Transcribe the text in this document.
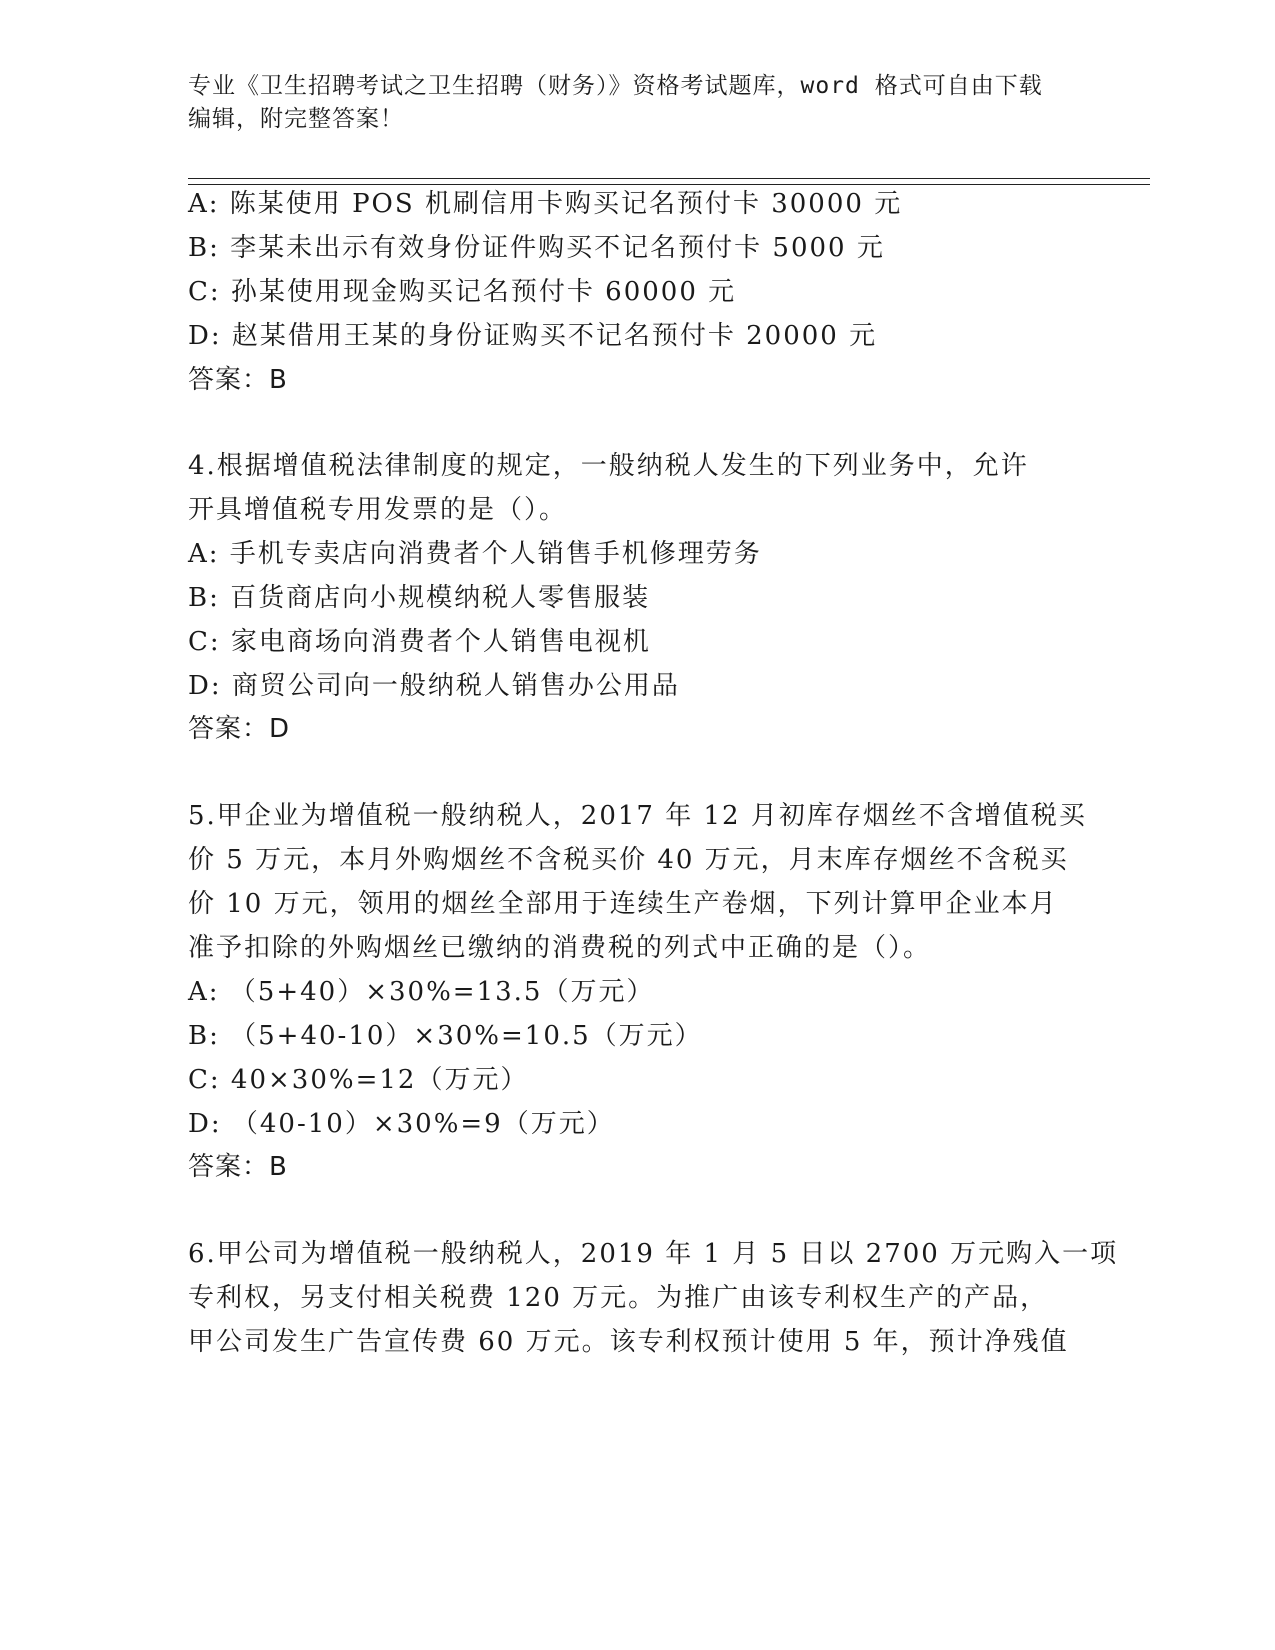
专业《卫生招聘考试之卫生招聘（财务）》资格考试题库，word 格式可自由下载

编辑，附完整答案！

A: 陈某使用 POS 机刷信用卡购买记名预付卡 30000 元
B: 李某未出示有效身份证件购买不记名预付卡 5000 元
C: 孙某使用现金购买记名预付卡 60000 元
D: 赵某借用王某的身份证购买不记名预付卡 20000 元
答案：B
4.根据增值税法律制度的规定，一般纳税人发生的下列业务中，允许
开具增值税专用发票的是（）。
A: 手机专卖店向消费者个人销售手机修理劳务
B: 百货商店向小规模纳税人零售服装
C: 家电商场向消费者个人销售电视机
D: 商贸公司向一般纳税人销售办公用品
答案：D
5.甲企业为增值税一般纳税人，2017 年 12 月初库存烟丝不含增值税买
价 5 万元，本月外购烟丝不含税买价 40 万元，月末库存烟丝不含税买
价 10 万元，领用的烟丝全部用于连续生产卷烟，下列计算甲企业本月
准予扣除的外购烟丝已缴纳的消费税的列式中正确的是（）。
A: （5+40）×30%=13.5（万元）
B: （5+40-10）×30%=10.5（万元）
C: 40×30%=12（万元）
D: （40-10）×30%=9（万元）
答案：B
6.甲公司为增值税一般纳税人，2019 年 1 月 5 日以 2700 万元购入一项
专利权，另支付相关税费 120 万元。为推广由该专利权生产的产品，
甲公司发生广告宣传费 60 万元。该专利权预计使用 5 年，预计净残值
